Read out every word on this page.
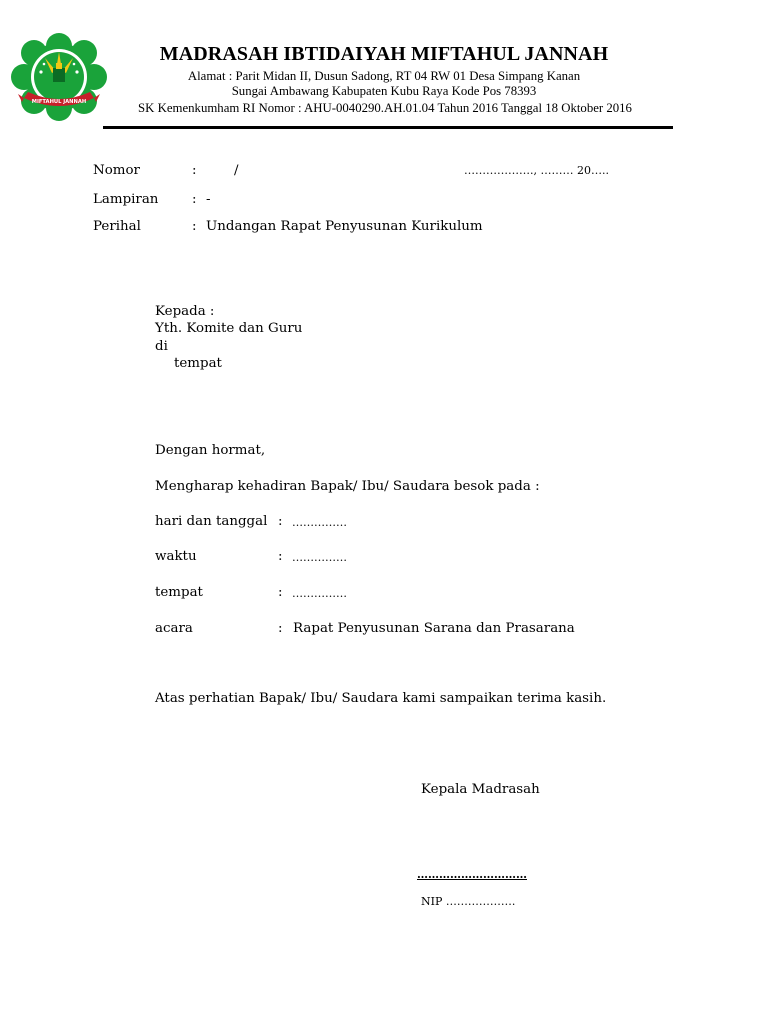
MIFTAHUL JANNAH
MADRASAH IBTIDAIYAH MIFTAHUL JANNAH
Alamat : Parit Midan II, Dusun Sadong, RT 04 RW 01 Desa Simpang Kanan
Sungai Ambawang Kabupaten Kubu Raya Kode Pos 78393
SK Kemenkumham RI Nomor : AHU-0040290.AH.01.04 Tahun 2016 Tanggal 18 Oktober 2016
Nomor	:	/	………………., ……… 20…..
Lampiran	: -
Perihal	: Undangan Rapat Penyusunan Kurikulum
Kepada :
Yth. Komite dan Guru
di
tempat
Dengan hormat,
Mengharap kehadiran Bapak/ Ibu/ Saudara besok pada :
hari dan tanggal : ……………
waktu	: ……………
tempat	: ……………
acara	: Rapat Penyusunan Sarana dan Prasarana
Atas perhatian Bapak/ Ibu/ Saudara kami sampaikan terima kasih.
Kepala Madrasah
…………………………
NIP ……………….
